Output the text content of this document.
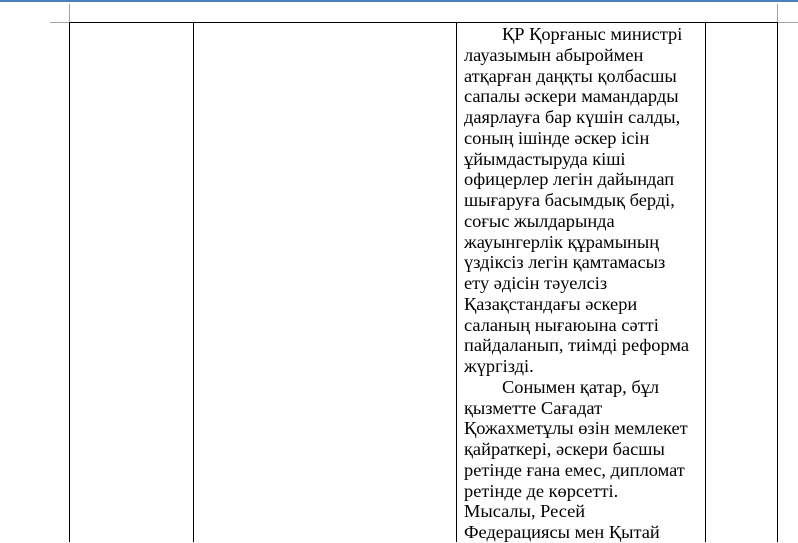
ҚР Қорғаныс министрі
лауазымын абыроймен
атқарған даңқты қолбасшы
сапалы әскери мамандарды
даярлауға бар күшін салды,
соның ішінде әскер ісін
ұйымдастыруда кіші
офицерлер легін дайындап
шығаруға басымдық берді,
соғыс жылдарында
жауынгерлік құрамының
үздіксіз легін қамтамасыз
ету әдісін тәуелсіз
Қазақстандағы әскери
саланың нығаюына сәтті
пайдаланып, тиімді реформа
жүргізді.

Сонымен қатар, бұл
қызметте Сағадат
Қожахметұлы өзін мемлекет
қайраткері, әскери басшы
ретінде ғана емес, дипломат
ретінде де көрсетті.

Мысалы, Ресей
Федерациясы мен Қытай
